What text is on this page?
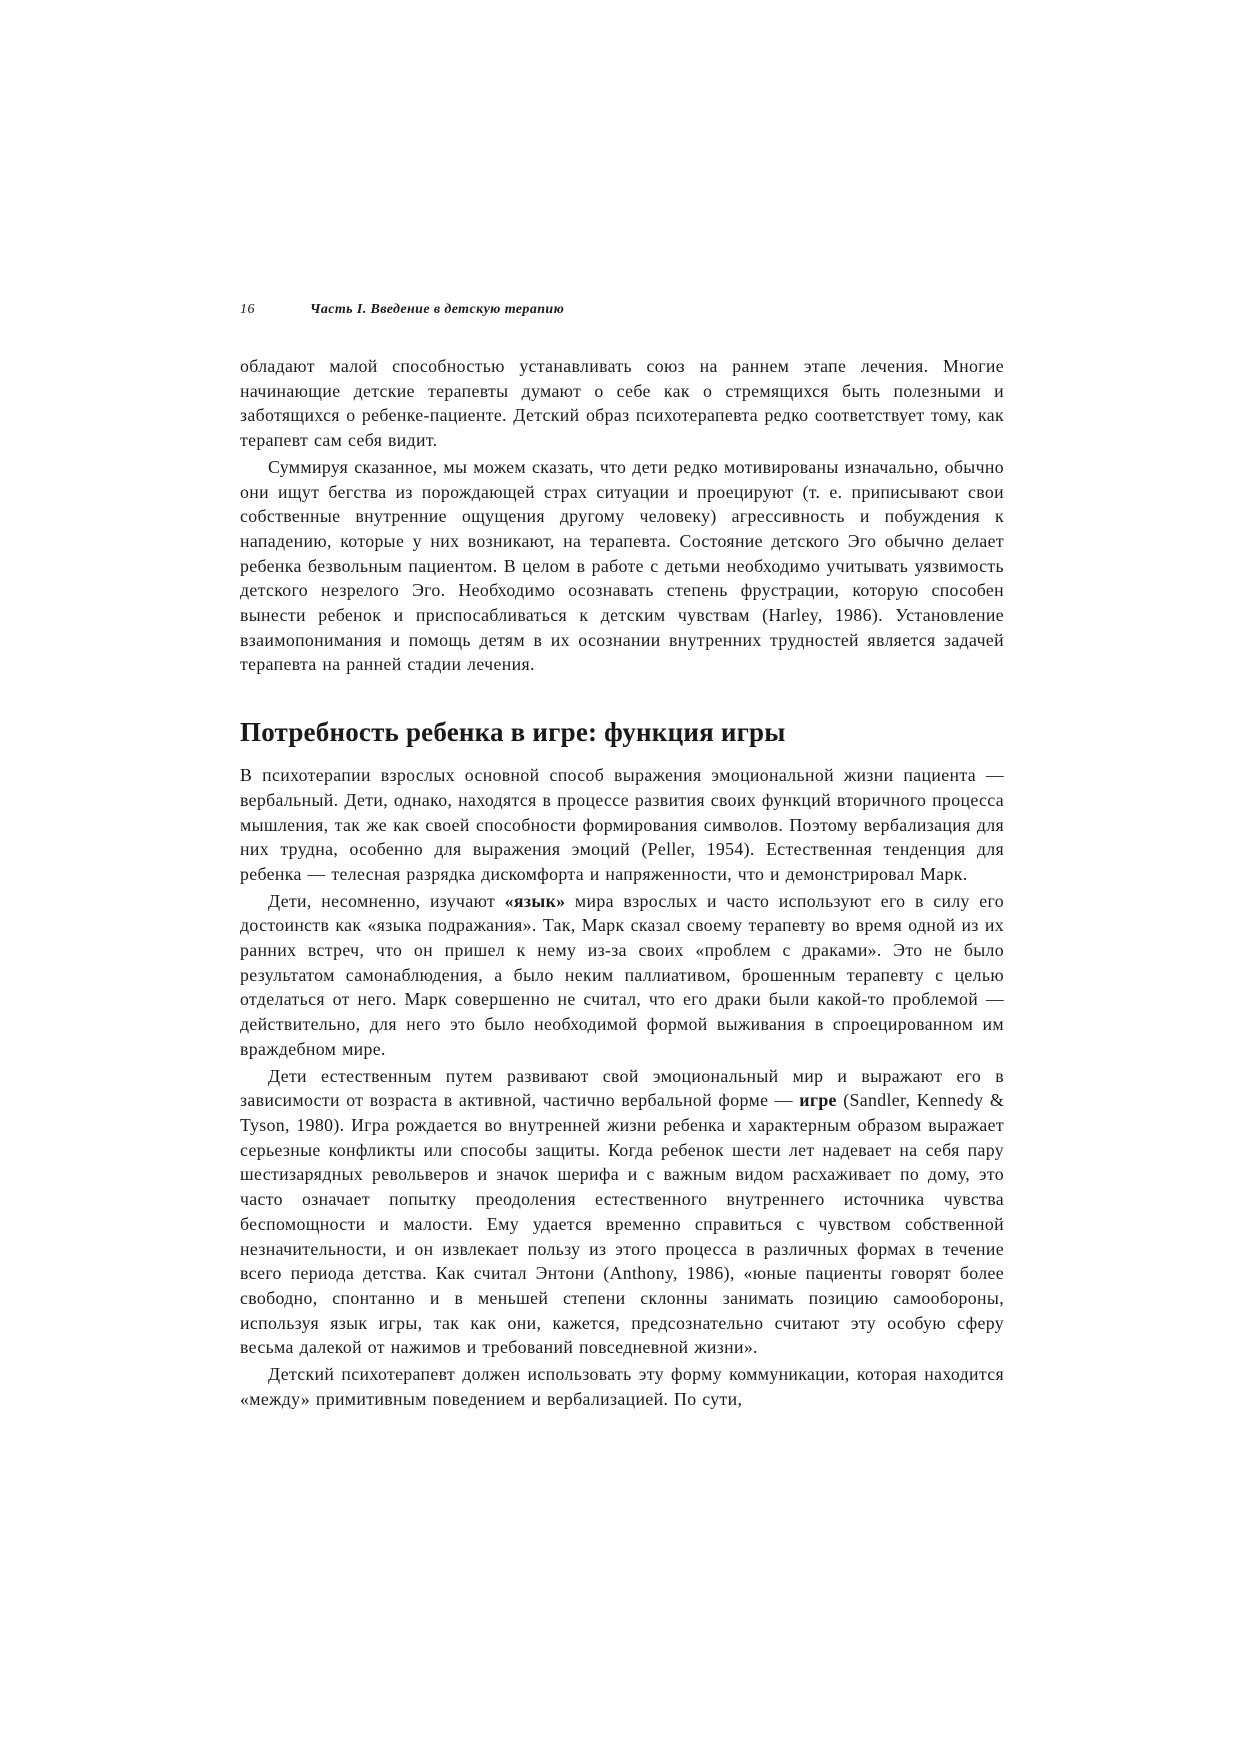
16	Часть I. Введение в детскую терапию

обладают малой способностью устанавливать союз на раннем этапе лечения. Многие начинающие детские терапевты думают о себе как о стремящихся быть полезными и заботящихся о ребенке-пациенте. Детский образ психотерапевта редко соответствует тому, как терапевт сам себя видит.

Суммируя сказанное, мы можем сказать, что дети редко мотивированы изначально, обычно они ищут бегства из порождающей страх ситуации и проецируют (т. е. приписывают свои собственные внутренние ощущения другому человеку) агрессивность и побуждения к нападению, которые у них возникают, на терапевта. Состояние детского Эго обычно делает ребенка безвольным пациентом. В целом в работе с детьми необходимо учитывать уязвимость детского незрелого Эго. Необходимо осознавать степень фрустрации, которую способен вынести ребенок и приспосабливаться к детским чувствам (Harley, 1986). Установление взаимопонимания и помощь детям в их осознании внутренних трудностей является задачей терапевта на ранней стадии лечения.

Потребность ребенка в игре: функция игры

В психотерапии взрослых основной способ выражения эмоциональной жизни пациента — вербальный. Дети, однако, находятся в процессе развития своих функций вторичного процесса мышления, так же как своей способности формирования символов. Поэтому вербализация для них трудна, особенно для выражения эмоций (Peller, 1954). Естественная тенденция для ребенка — телесная разрядка дискомфорта и напряженности, что и демонстрировал Марк.

Дети, несомненно, изучают «язык» мира взрослых и часто используют его в силу его достоинств как «языка подражания». Так, Марк сказал своему терапевту во время одной из их ранних встреч, что он пришел к нему из-за своих «проблем с драками». Это не было результатом самонаблюдения, а было неким паллиативом, брошенным терапевту с целью отделаться от него. Марк совершенно не считал, что его драки были какой-то проблемой — действительно, для него это было необходимой формой выживания в спроецированном им враждебном мире.

Дети естественным путем развивают свой эмоциональный мир и выражают его в зависимости от возраста в активной, частично вербальной форме — игре (Sandler, Kennedy & Tyson, 1980). Игра рождается во внутренней жизни ребенка и характерным образом выражает серьезные конфликты или способы защиты. Когда ребенок шести лет надевает на себя пару шестизарядных револьверов и значок шерифа и с важным видом расхаживает по дому, это часто означает попытку преодоления естественного внутреннего источника чувства беспомощности и малости. Ему удается временно справиться с чувством собственной незначительности, и он извлекает пользу из этого процесса в различных формах в течение всего периода детства. Как считал Энтони (Anthony, 1986), «юные пациенты говорят более свободно, спонтанно и в меньшей степени склонны занимать позицию самообороны, используя язык игры, так как они, кажется, предсознательно считают эту особую сферу весьма далекой от нажимов и требований повседневной жизни».

Детский психотерапевт должен использовать эту форму коммуникации, которая находится «между» примитивным поведением и вербализацией. По сути,
